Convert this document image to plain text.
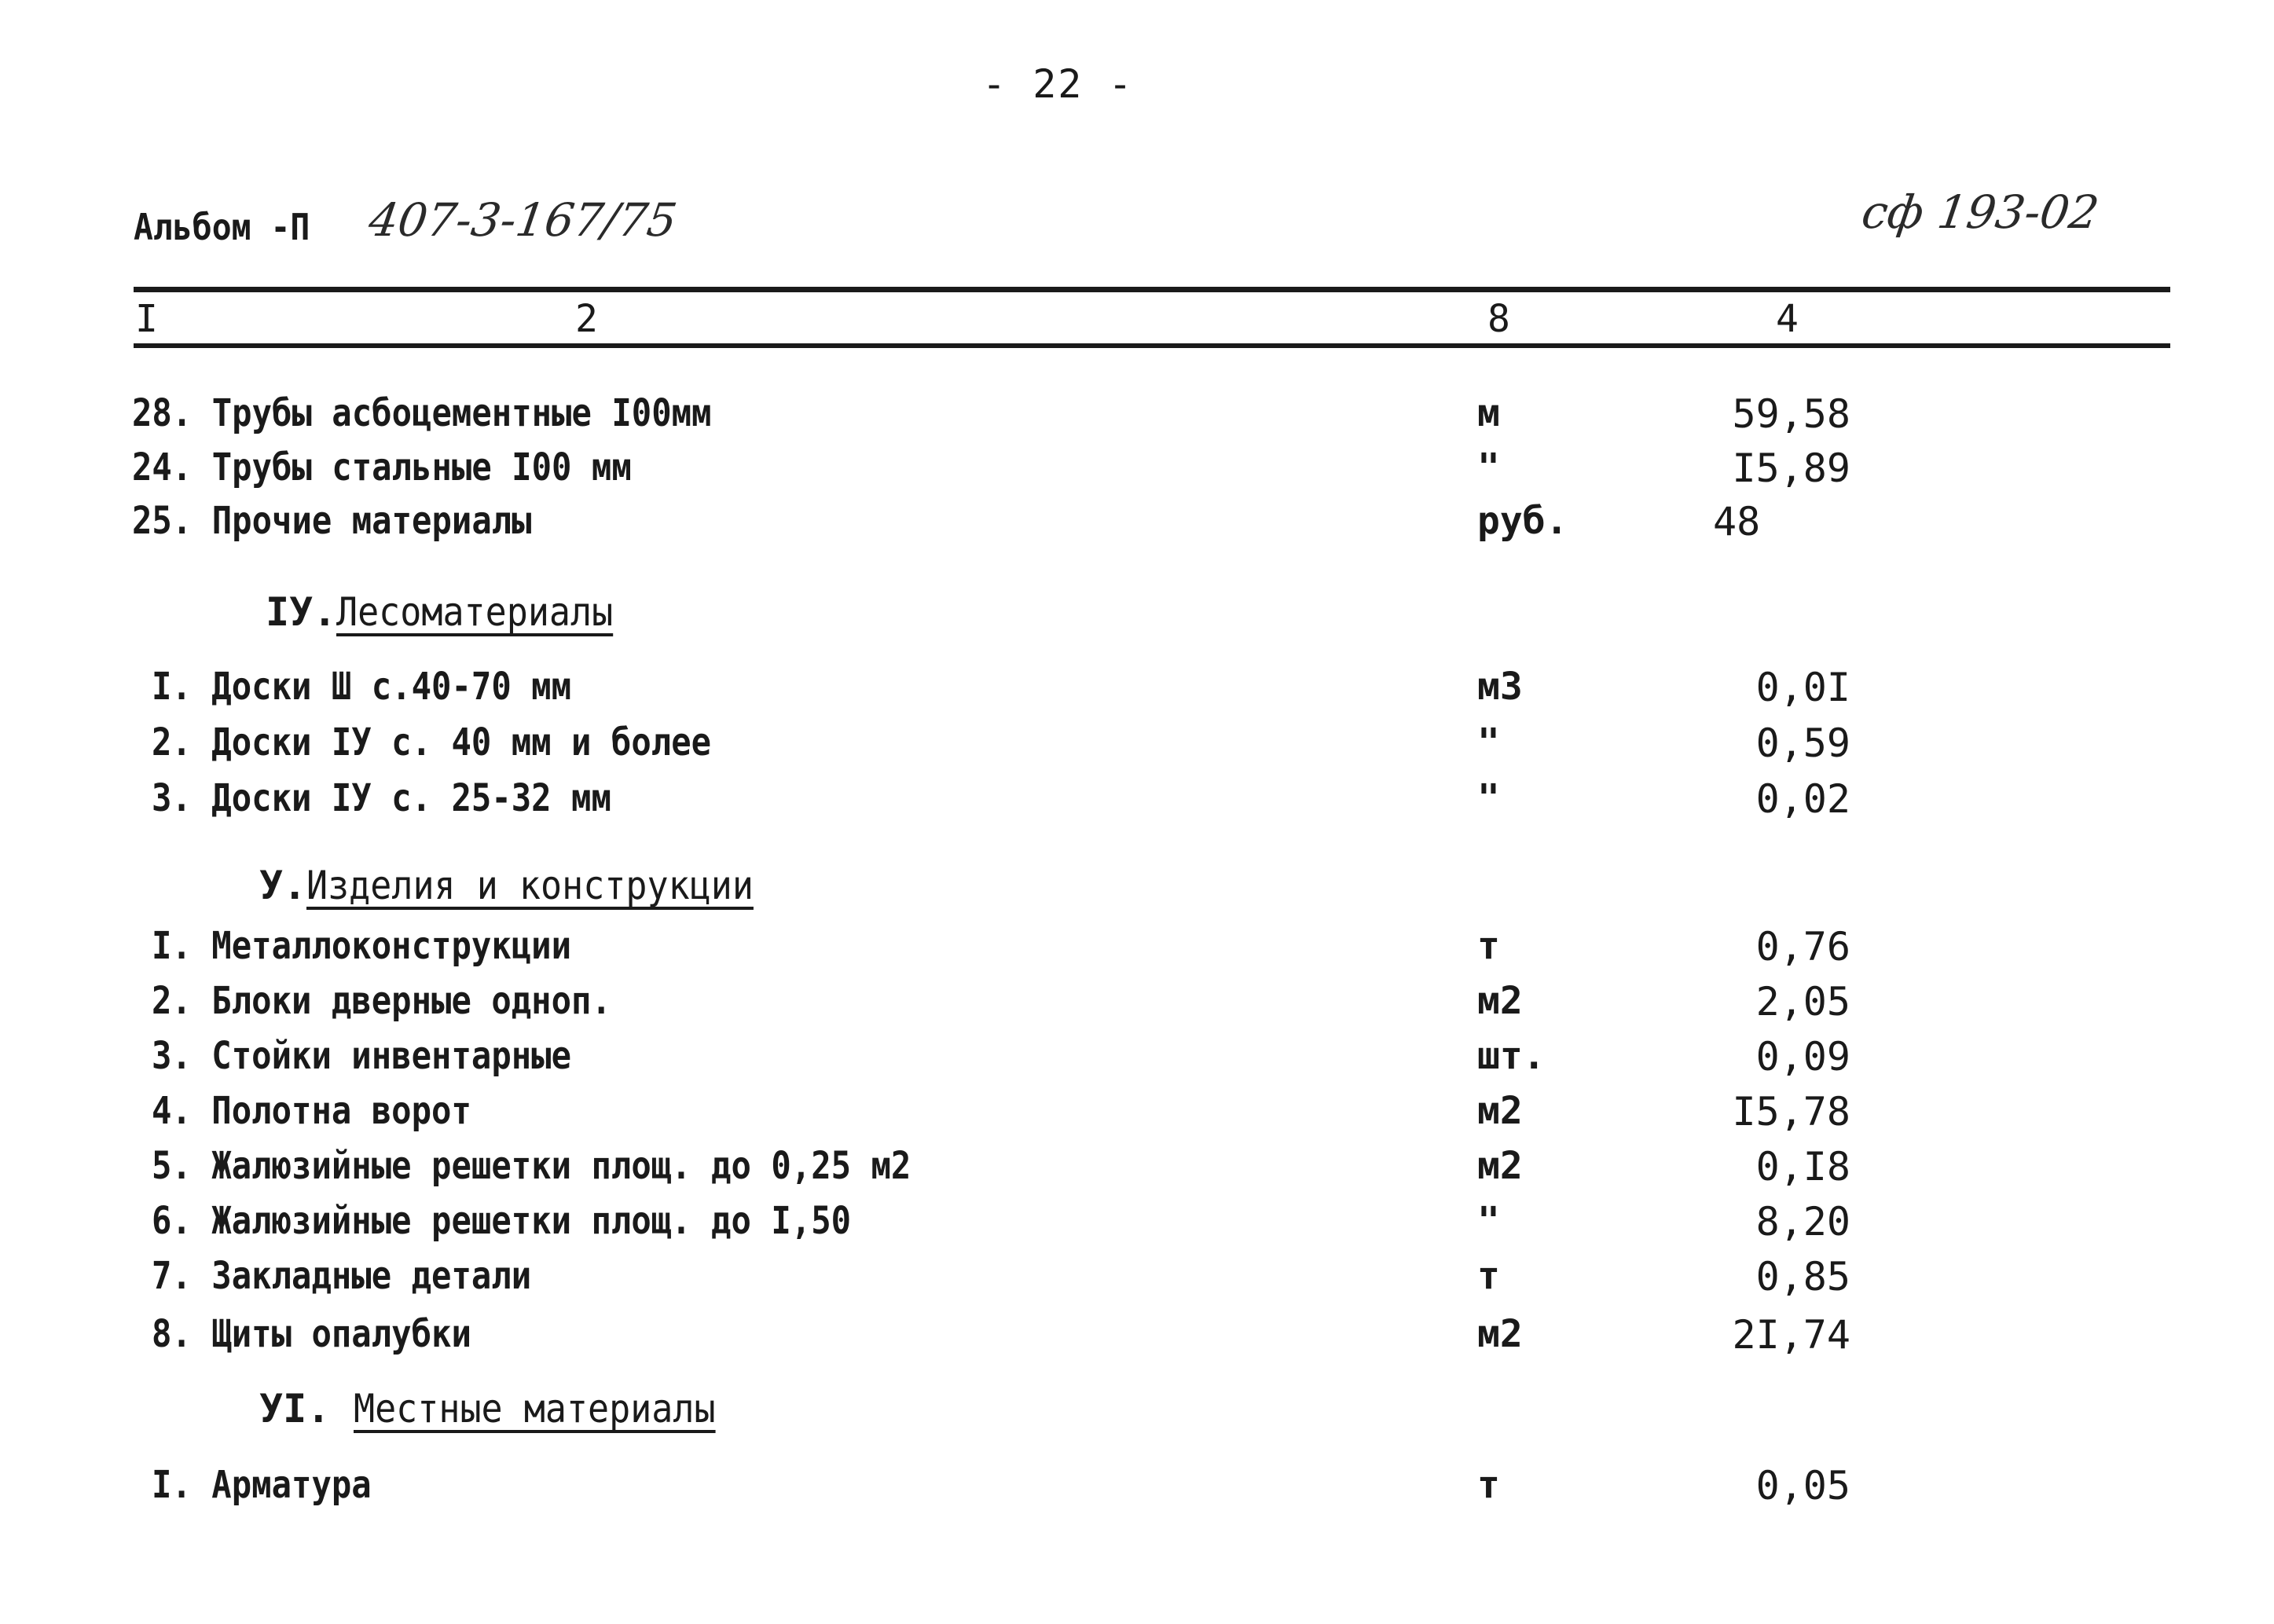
- 22 -
Альбом -П 407-3-167/75	сф 193-02
I	2	8	4
28. Трубы асбоцементные I00мм	м	59,58
24. Трубы стальные I00 мм	"	I5,89
25. Прочие материалы	руб.	48
IУ.Лесоматериалы
I. Доски Ш с.40-70 мм	м3	0,0I
2. Доски IУ с. 40 мм и более	"	0,59
3. Доски IУ с. 25-32 мм	"	0,02
У.Изделия и конструкции
I. Металлоконструкции	т	0,76
2. Блоки дверные одноп.	м2	2,05
3. Стойки инвентарные	шт.	0,09
4. Полотна ворот	м2	I5,78
5. Жалюзийные решетки площ. до 0,25 м2	м2	0,I8
6. Жалюзийные решетки площ. до I,50	"	8,20
7. Закладные детали	т	0,85
8. Щиты опалубки	м2	2I,74
УI. Местные материалы
I. Арматура	т	0,05
